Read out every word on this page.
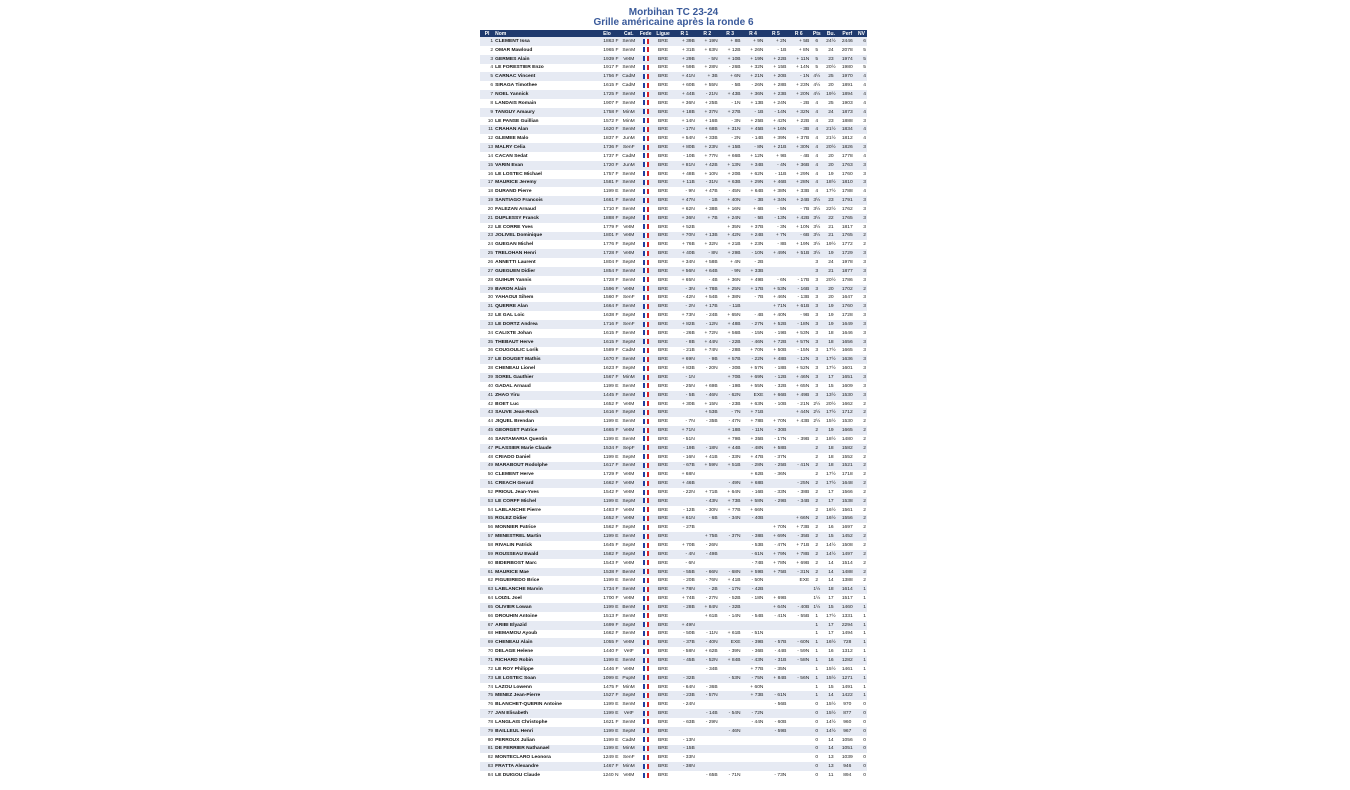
Morbihan TC 23-24
Grille américaine après la ronde 6
Pl	Nom	Elo	Cat.	Fede	Ligue	R 1	R 2	R 3	R 4	R 5	R 6	Pts	Bu.	Perf	NV
1	CLEMENT Issa	1863 F	SenM		BRE	+ 39B	+ 19N	+ 8B	+ 9N	+ 2N	+ 5B	6	24½	2446	6
2	OMAR Mawloud	1965 F	SenM		BRE	+ 31B	+ 63N	+ 12B	+ 26N	- 1B	+ 8N	5	24	2078	5
3	GERMES Alain	1939 F	VetM		BRE	+ 29B	- 5N	+ 10B	+ 19N	+ 22B	+ 11N	5	23	1974	5
4	LE FORESTIER Enzo	1917 F	SenM		BRE	+ 59B	+ 28N	- 26B	+ 32N	+ 15B	+ 14N	5	20½	1980	5
5	CARNAC Vincent	1756 F	CadM		BRE	+ 41N	+ 3B	+ 6N	+ 21N	+ 20B	- 1N	4½	25	1970	4
6	SIRAGA Timothee	1615 F	CadM		BRE	+ 60B	+ 55N	- 5B	- 26N	+ 28B	+ 23N	4½	20	1891	4
7	NOEL Yannick	1725 F	SenM		BRE	+ 44B	- 21N	+ 43B	+ 36N	+ 23B	+ 20N	4½	19½	1894	4
8	LANDAIS Romain	1907 F	SenM		BRE	+ 36N	+ 25B	- 1N	+ 13B	+ 24N	- 2B	4	25	1903	4
9	TANGUY Amaury	1758 F	MinM		BRE	+ 18B	+ 37N	+ 27B	- 1B	- 14N	+ 32N	4	24	1873	4
10	LE PANSE Guillian	1572 F	MinM		BRE	+ 14N	+ 16B	- 3N	+ 25B	+ 42N	+ 22B	4	23	1888	3
11	CRAHAN Alan	1620 F	SenM		BRE	- 17N	+ 68B	+ 31N	+ 45B	+ 16N	- 3B	4	21½	1834	4
12	GLEMEE Malo	1837 F	JunM		BRE	+ 54N	+ 33B	- 2N	- 14B	+ 39N	+ 37B	4	21½	1812	4
13	MALRY Celia	1736 F	SenF		BRE	+ 80B	+ 23N	+ 15B	- 8N	+ 21B	+ 30N	4	20½	1826	3
14	CACAN Sedat	1737 F	CadM		BRE	- 10B	+ 77N	+ 66B	+ 12N	+ 9B	- 4B	4	20	1778	4
15	VARIN Evan	1720 F	JunM		BRE	+ 81N	+ 42B	+ 13N	+ 34B	- 4N	+ 36B	4	20	1763	3
16	LE LOSTEC Michael	1757 F	SenM		BRE	+ 48B	+ 10N	+ 20B	+ 62N	- 11B	+ 29N	4	19	1760	3
17	MAURICE Jeremy	1581 F	SenM		BRE	+ 11B	- 31N	+ 63B	+ 29N	+ 46B	+ 28N	4	18½	1810	3
18	DURAND Pierre	1199 E	SenM		BRE	- 9N	+ 47B	- 45N	+ 64B	+ 38N	+ 33B	4	17½	1788	4
19	SANTIAGO Francois	1661 F	SenM		BRE	+ 47N	- 1B	+ 40N	- 3B	+ 34N	+ 24B	3½	23	1791	3
20	FALEZAN Arnaud	1710 F	SenM		BRE	+ 62N	+ 38B	+ 16N	+ 6B	- 5N	- 7B	3½	22½	1762	3
21	DUPLESSY Franck	1888 F	SepM		BRE	+ 36N	+ 7B	+ 24N	- 5B	- 13N	+ 42B	3½	22	1765	3
22	LE CORRE Yves	1779 F	VetM		BRE	+ 52B		+ 35N	+ 37B	- 3N	+ 10N	3½	21	1817	3
23	JOLIVEL Dominique	1801 F	VetM		BRE	+ 70N	+ 13B	+ 42N	+ 24B	+ 7N	- 6B	3½	21	1765	2
24	GUEGAN Michel	1776 F	SepM		BRE	+ 76B	+ 32N	+ 21B	+ 23N	- 8B	+ 19N	3½	19½	1772	2
25	TRELOHAN Henri	1728 F	VetM		BRE	+ 40B	- 8N	+ 29B	- 10N	+ 49N	+ 51B	3½	19	1729	3
26	ANNETTI Laurent	1804 F	SepM		BRE	+ 34N	+ 58B	+ 4N	- 2B			3	24	1978	3
27	GUEGUEN Didier	1854 F	SenM		BRE	+ 56N	+ 64B	- 9N	+ 33B			3	21	1877	3
28	GUIHUR Yannis	1728 F	SenM		BRE	+ 65N	- 4B	+ 36N	+ 49B	- 6N	- 17B	3	20½	1786	3
29	BARON Alain	1596 F	VetM		BRE	- 3N	+ 78B	+ 25N	+ 17B	+ 53N	- 16B	3	20	1702	2
30	YAHAOUI Sihem	1560 F	SenF		BRE	- 42N	+ 54B	+ 38N	- 7B	+ 46N	- 13B	3	20	1647	3
31	QUERRE Alan	1664 F	SenM		BRE	- 2N	+ 17B	- 11B		+ 71N	+ 61B	3	19	1760	3
32	LE GAL Loic	1638 F	SepM		BRE	+ 73N	- 24B	+ 65N	- 4B	+ 40N	- 9B	3	19	1728	3
33	LE DORTZ Andrea	1716 F	SenF		BRE	+ 82B	- 12N	+ 48B	- 27N	+ 52B	- 18N	3	19	1649	3
34	CALIXTE Johan	1615 F	SenM		BRE	- 26B	+ 72N	+ 56B	- 15N	- 19B	+ 53N	3	18	1646	3
35	THEBAUT Herve	1615 F	SepM		BRE	- 8B	+ 44N	- 22B	- 46N	+ 72B	+ 57N	3	18	1656	3
36	COUGOULIC Lorik	1589 F	CadM		BRE	- 21B	+ 74N	- 28B	+ 70N	+ 50B	- 15N	3	17½	1665	3
37	LE DOUGET Mathis	1670 F	SenM		BRE	+ 69N	- 9B	+ 57B	- 22N	+ 48B	- 12N	3	17½	1636	3
38	CHENEAU Lionel	1623 F	SepM		BRE	+ 83B	- 20N	- 30B	+ 57N	- 18B	+ 52N	3	17½	1601	3
39	SOREL Gauthier	1567 F	MinM		BRE	- 1N		+ 70B	+ 69N	- 12B	+ 46N	3	17	1651	3
40	GADAL Arnaud	1199 E	SenM		BRE	- 25N	+ 69B	- 19B	+ 55N	- 32B	+ 65N	3	15	1609	3
41	ZHAO Yiru	1445 F	SenM		BRE	- 5B	- 46N	- 62N	EXE	+ 66B	+ 49B	3	13½	1530	3
42	BOET Luc	1652 F	VetM		BRE	+ 30B	+ 15N	- 23B	+ 63N	- 10B	- 21N	2½	20½	1662	2
43	SAUVE Jean-Roch	1616 F	SepM		BRE		+ 53B	- 7N	+ 71B		+ 44N	2½	17½	1712	2
44	JIQUEL Brendan	1199 E	SenM		BRE	- 7N	- 35B	- 47N	+ 78B	+ 70N	+ 43B	2½	15½	1530	2
45	GEORGET Patrice	1665 F	VetM		BRE	+ 71N		+ 18B	- 11N	- 30B		2	19	1665	2
46	SANTAMARIA Quentin	1199 E	SenM		BRE	- 51N		+ 79B	+ 35B	- 17N	- 39B	2	18½	1480	2
47	PLASSIER Marie Claude	1534 F	SepF		BRE	- 19B	- 18N	+ 44B	- 48N	+ 58B		2	18	1582	2
48	CRIADO Daniel	1199 E	SepM		BRE	- 16N	+ 41B	- 33N	+ 47B	- 37N		2	18	1552	2
49	MARABOUT Rodolphe	1617 F	SenM		BRE	- 67B	+ 59N	+ 51B	- 28N	- 25B	- 41N	2	18	1521	2
50	CLEMENT Herve	1729 F	VetM		BRE	+ 68N			+ 62B	- 36N		2	17½	1718	2
51	CREACH Gerard	1662 F	VetM		BRE	+ 46B		- 49N	+ 68B		- 25N	2	17½	1648	2
52	PRIOUL Jean-Yves	1542 F	VetM		BRE	- 22N	+ 71B	+ 64N	- 16B	- 33N	- 38B	2	17	1566	2
53	LE CORFF Michel	1199 E	SepM		BRE		- 43N	+ 73B	+ 58N	- 29B	- 34B	2	17	1538	2
54	LABLANCHE Pierre	1483 F	VetM		BRE	- 12B	- 30N	+ 77B	+ 66N			2	16½	1561	2
55	ROLEZ Didier	1652 F	VetM		BRE	+ 61N	- 6B	- 34N	- 40B		+ 66N	2	16½	1556	2
56	MONNIER Patrice	1562 F	SepM		BRE	- 27B				+ 70N	+ 73B	2	16	1697	2
57	MENESTREL Martin	1199 E	SenM		BRE		+ 75B	- 37N	- 38B	+ 69N	- 35B	2	15	1452	2
58	RIVALIN Patrick	1645 F	SepM		BRE	+ 70B	- 26N		- 53B	- 47N	+ 71B	2	14½	1508	2
59	ROUSSEAU Ewald	1582 F	SepM		BRE	- 4N	- 49B		- 61N	+ 79N	+ 78B	2	14½	1497	2
60	BIDERBOST Marc	1543 F	VetM		BRE	- 6N			- 74B	+ 78N	+ 69B	2	14	1514	2
61	MAURICE Mae	1538 F	BenM		BRE	- 55B	- 66N	- 68N	+ 59B	+ 75B	- 31N	2	14	1488	2
62	FIGUEIREDO Brice	1199 E	SenM		BRE	- 20B	- 76N	+ 41B	- 50N		EXE	2	14	1388	2
63	LABLANCHE Marvin	1734 F	SenM		BRE	+ 78N	- 2B	- 17N	- 42B			1½	18	1614	1
64	LOIZIL Joel	1700 F	VetM		BRE	+ 74B	- 27N	- 52B	- 18N	+ 69B		1½	17	1517	1
65	OLIVIER Lowan	1199 E	BenM		BRE	- 28B	+ 84N	- 32B		+ 64N	- 40B	1½	15	1460	1
66	DROUHIN Antoine	1513 F	SenM		BRE		+ 61B	- 14N	- 54B	- 41N	- 55B	1	17½	1331	1
67	ARIBI Elyazid	1699 F	SepM		BRE	+ 49N						1	17	2294	1
68	HEMAMOU Ayoub	1662 F	SenM		BRE	- 50B	- 11N	+ 61B	- 51N			1	17	1494	1
69	CHENEAU Alain	1055 F	VetM		BRE	- 37B	- 40N	EXE	- 39B	- 57B	- 60N	1	16½	728	1
70	DELAGE Helene	1440 F	VetF		BRE	- 58N	+ 62B	- 39N	- 36B	- 44B	- 59N	1	16	1312	1
71	RICHARD Robin	1199 E	SenM		BRE	- 45B	- 52N	+ 84B	- 43N	- 31B	- 58N	1	16	1282	1
72	LE ROY Philippe	1446 F	VetM		BRE		- 34B		+ 77B	- 35N		1	15½	1461	1
73	LE LOSTEC Soan	1099 E	PupM		BRE	- 32B		- 53N	- 75N	+ 84B	- 56N	1	15½	1271	1
74	LAZOU Lowenn	1475 F	MinM		BRE	- 64N	- 36B		+ 60N			1	15	1491	1
75	MENEZ Jean-Pierre	1527 F	SepM		BRE	- 23B	- 57N		+ 73B	- 61N		1	14	1422	1
76	BLANCHET-QUERIN Antoine	1199 E	SenM		BRE	- 24N				- 56B		0	15½	970	0
77	JAN Elisabeth	1199 E	VetF		BRE		- 14B	- 54N	- 72N			0	15½	877	0
78	LANGLAIS Christophe	1621 F	SenM		BRE	- 63B	- 29N		- 44N	- 60B		0	14½	960	0
79	BAILLEUL Henri	1199 E	SepM		BRE			- 46N		- 59B		0	14½	967	0
80	PERROUX Julian	1199 E	CadM		BRE	- 13N						0	14	1056	0
81	DE FERRIER Nathanael	1199 E	MinM		BRE	- 15B						0	14	1051	0
82	MONTECLARO Leonora	1249 E	SenF		BRE	- 33N						0	13	1039	0
83	FRATTA Alexandre	1467 F	MinM		BRE	- 38N						0	13	946	0
84	LE DUIGOU Claude	1240 N	VetM		BRE		- 65B	- 71N		- 73N		0	11	894	0
